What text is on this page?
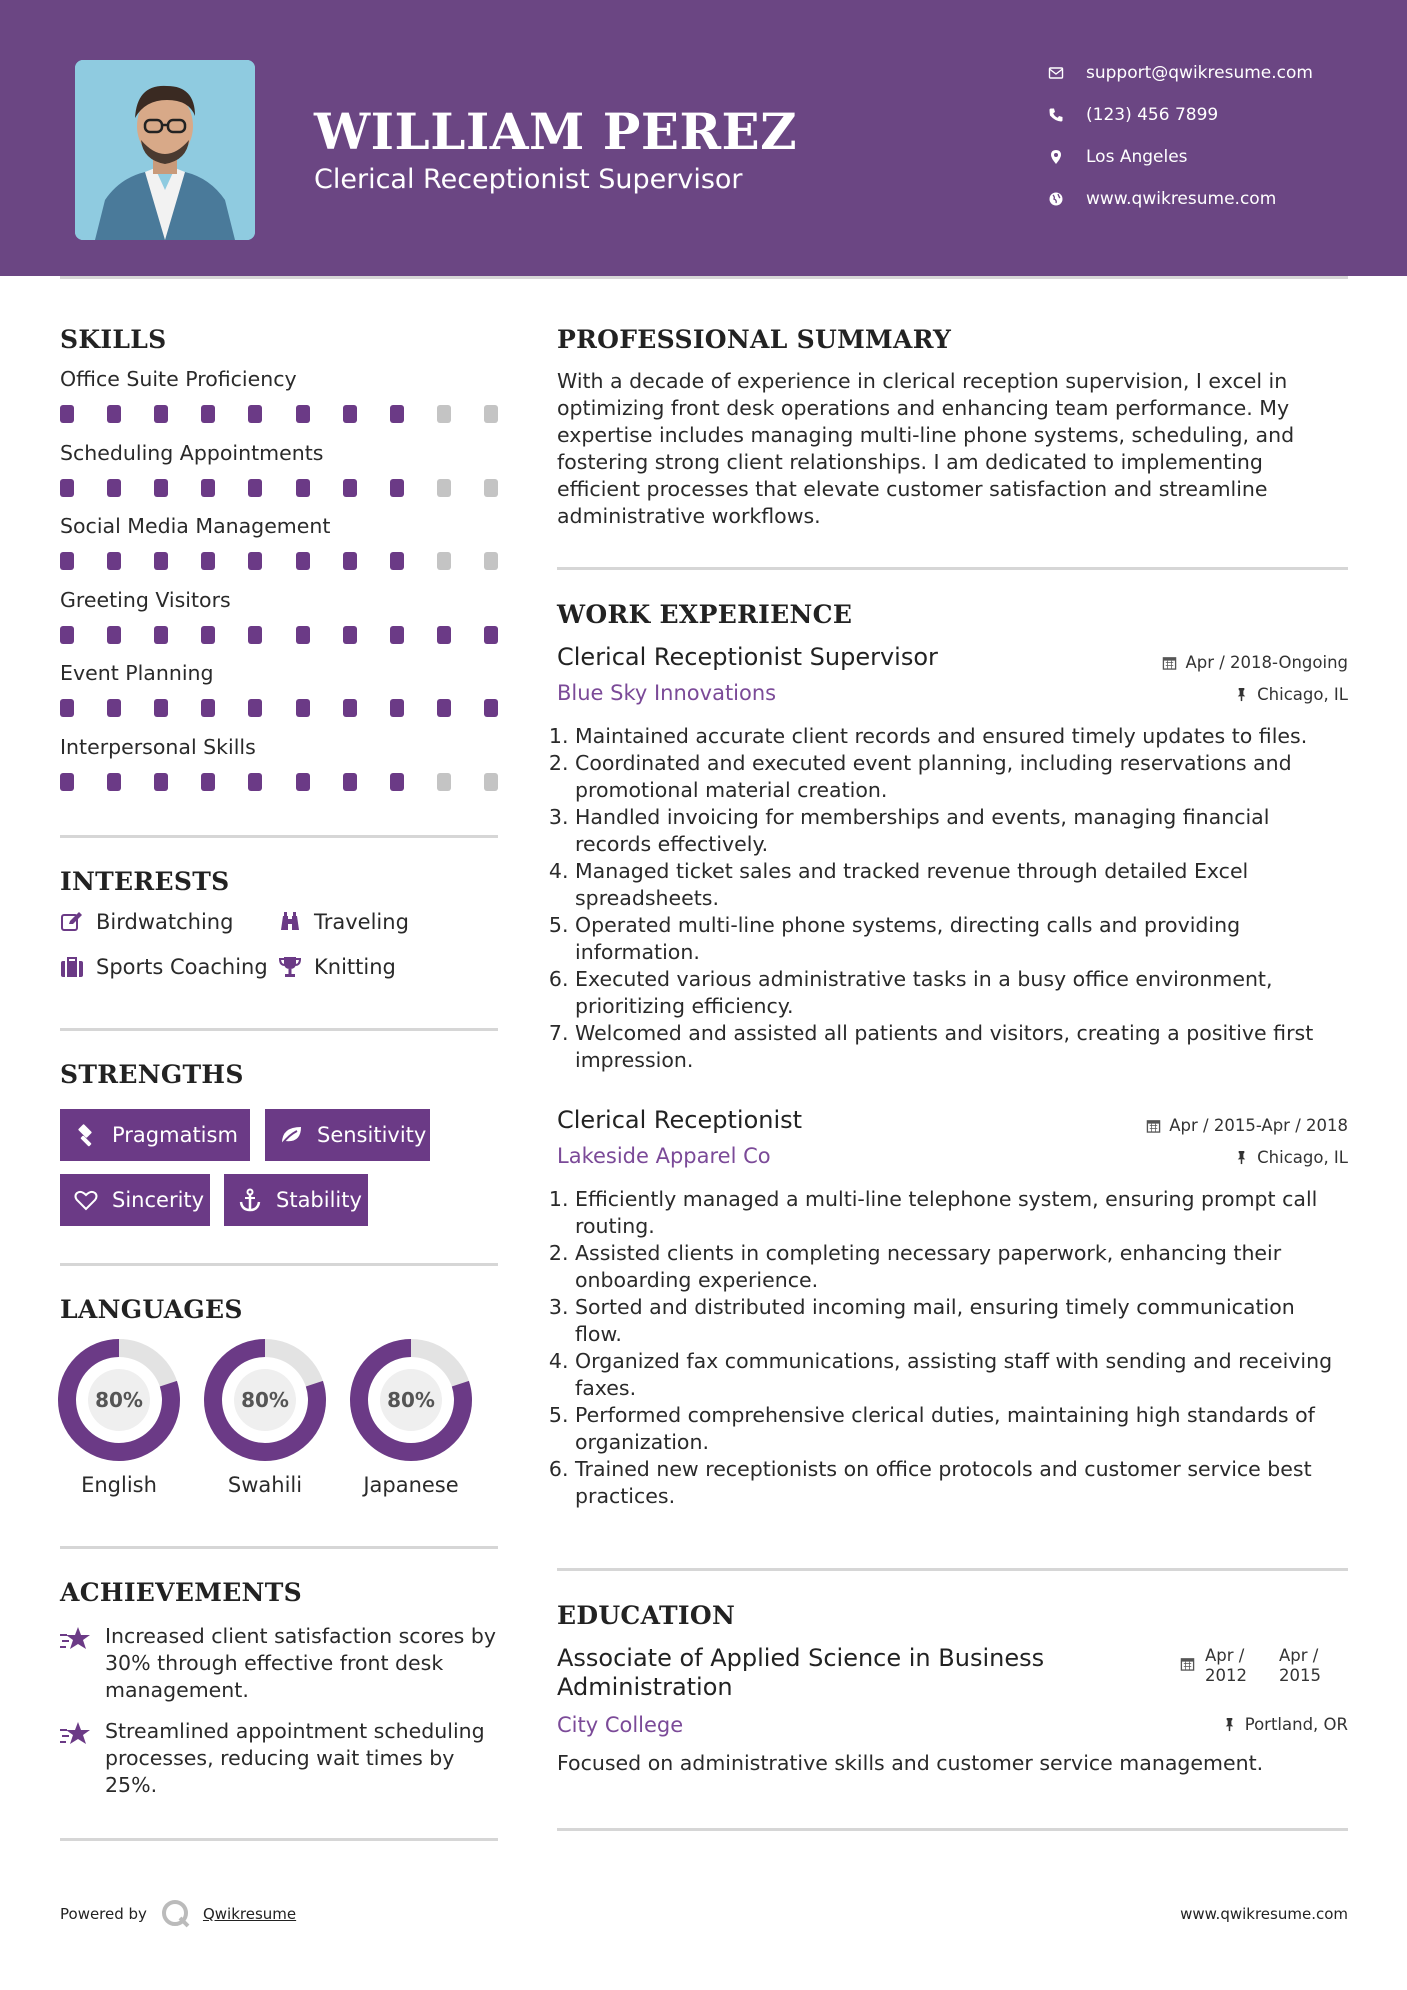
WILLIAM PEREZ
Clerical Receptionist Supervisor
support@qwikresume.com
(123) 456 7899
Los Angeles
www.qwikresume.com
SKILLS
Office Suite Proficiency
Scheduling Appointments
Social Media Management
Greeting Visitors
Event Planning
Interpersonal Skills
INTERESTS
Birdwatching	Traveling
Sports Coaching Knitting
STRENGTHS
Pragmatism	Sensitivity
Sincerity	Stability
LANGUAGES
80%
English
80%
Swahili
80%
Japanese
ACHIEVEMENTS
Increased client satisfaction scores by 30% through effective front desk management.
Streamlined appointment scheduling processes, reducing wait times by 25%.
PROFESSIONAL SUMMARY
With a decade of experience in clerical reception supervision, I excel in optimizing front desk operations and enhancing team performance. My expertise includes managing multi-line phone systems, scheduling, and fostering strong client relationships. I am dedicated to implementing efficient processes that elevate customer satisfaction and streamline administrative workflows.
WORK EXPERIENCE
Clerical Receptionist Supervisor	Apr / 2018-Ongoing
Blue Sky Innovations	Chicago, IL
1. Maintained accurate client records and ensured timely updates to files.
2. Coordinated and executed event planning, including reservations and promotional material creation.
3. Handled invoicing for memberships and events, managing financial records effectively.
4. Managed ticket sales and tracked revenue through detailed Excel spreadsheets.
5. Operated multi-line phone systems, directing calls and providing information.
6. Executed various administrative tasks in a busy office environment, prioritizing efficiency.
7. Welcomed and assisted all patients and visitors, creating a positive first impression.
Clerical Receptionist	Apr / 2015-Apr / 2018
Lakeside Apparel Co	Chicago, IL
1. Efficiently managed a multi-line telephone system, ensuring prompt call routing.
2. Assisted clients in completing necessary paperwork, enhancing their onboarding experience.
3. Sorted and distributed incoming mail, ensuring timely communication flow.
4. Organized fax communications, assisting staff with sending and receiving faxes.
5. Performed comprehensive clerical duties, maintaining high standards of organization.
6. Trained new receptionists on office protocols and customer service best practices.
EDUCATION
Associate of Applied Science in Business Administration
Apr / 2012
Apr / 2015
City College	Portland, OR
Focused on administrative skills and customer service management.
Powered by	Qwikresume	www.qwikresume.com
